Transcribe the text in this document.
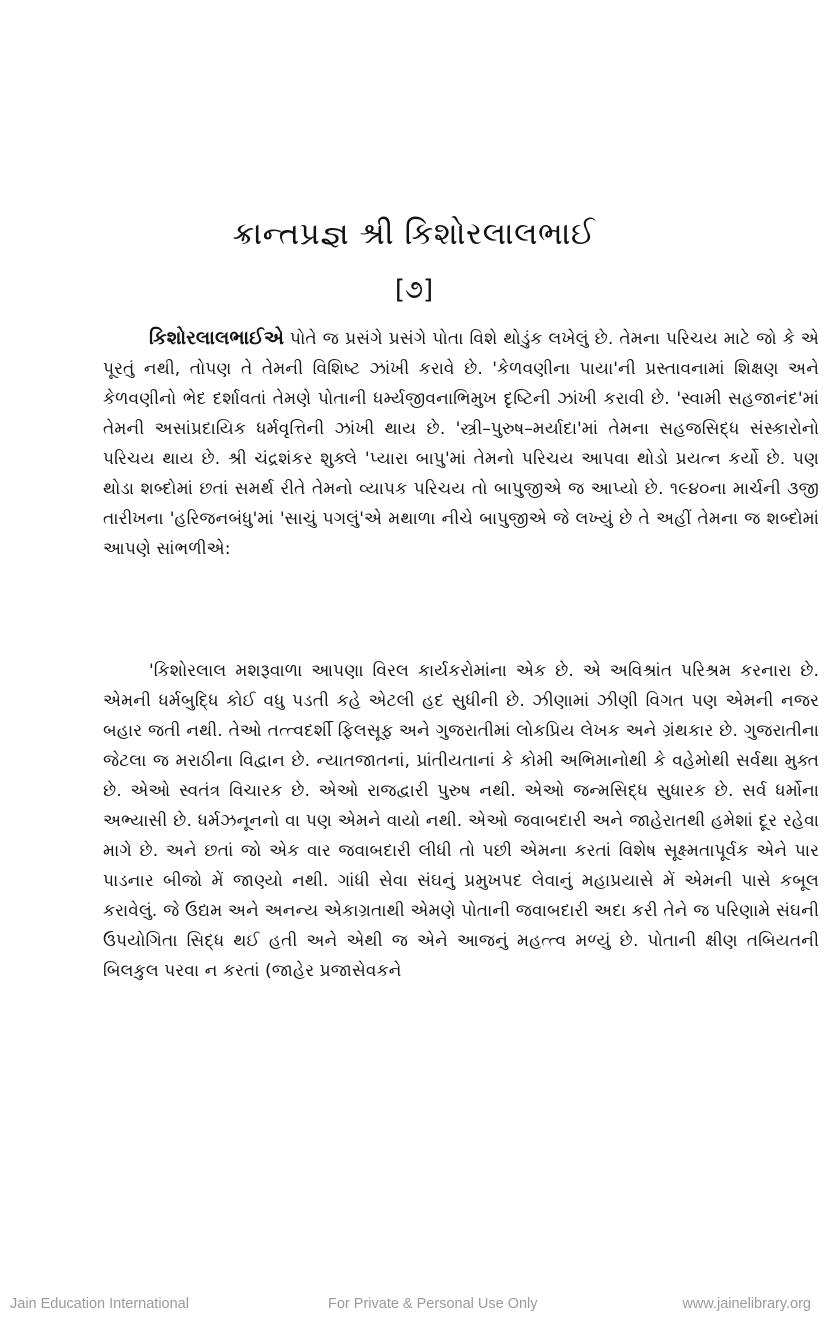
ક્રાન્તપ્રજ્ઞ શ્રી કિશોરલાલભાઈ
[૭]

કિશોરલાલભાઈએ પોતે જ પ્રસંગે પ્રસંગે પોતા વિશે થોડુંક લખેલું છે. તેમના પરિચય માટે જો કે એ પૂરતું નથી, તોપણ તે તેમની વિશિષ્ટ ઝાંખી કરાવે છે. 'કેળવણીના પાયા'ની પ્રસ્તાવનામાં શિક્ષણ અને કેળવણીનો ભેદ દર્શાવતાં તેમણે પોતાની ધર્મ્યજીવનાભિમુખ દૃષ્ટિની ઝાંખી કરાવી છે. 'સ્વામી સહજાનંદ'માં તેમની અસાંપ્રદાયિક ધર્મવૃત્તિની ઝાંખી થાય છે. 'સ્ત્રી–પુરુષ–મર્યાદા'માં તેમના સહજસિદ્ધ સંસ્કારોનો પરિચય થાય છે. શ્રી ચંદ્રશંકર શુક્લે 'પ્યારા બાપુ'માં તેમનો પરિચય આપવા થોડો પ્રયત્ન કર્યો છે. પણ થોડા શબ્દોમાં છતાં સમર્થ રીતે તેમનો વ્યાપક પરિચય તો બાપુજીએ જ આપ્યો છે. ૧૯૪૦ના માર્ચની ૩જી તારીખના 'હરિજનબંધુ'માં 'સાચું પગલું'એ મથાળા નીચે બાપુજીએ જે લખ્યું છે તે અહીં તેમના જ શબ્દોમાં આપણે સાંભળીએ:

'કિશોરલાલ મશરૂવાળા આપણા વિરલ કાર્યકરોમાંના એક છે. એ અવિશ્રાંત પરિશ્રમ કરનારા છે. એમની ધર્મબુદ્ધિ કોઈ વધુ પડતી કહે એટલી હદ સુધીની છે. ઝીણામાં ઝીણી વિગત પણ એમની નજર બહાર જતી નથી. તેઓ તત્ત્વદર્શી ફિલસૂફ અને ગુજરાતીમાં લોકપ્રિય લેખક અને ગ્રંથકાર છે. ગુજરાતીના જેટલા જ મરાઠીના વિદ્વાન છે. ન્યાતજાતનાં, પ્રાંતીયતાનાં કે કોમી અભિમાનોથી કે વહેમોથી સર્વથા મુક્ત છે. એઓ સ્વતંત્ર વિચારક છે. એઓ રાજદ્વારી પુરુષ નથી. એઓ જન્મસિદ્ધ સુધારક છે. સર્વ ધર્મોના અભ્યાસી છે. ધર્મઝનૂનનો વા પણ એમને વાયો નથી. એઓ જવાબદારી અને જાહેરાતથી હમેશાં દૂર રહેવા માગે છે. અને છતાં જો એક વાર જવાબદારી લીધી તો પછી એમના કરતાં વિશેષ સૂક્ષ્મતાપૂર્વક એને પાર પાડનાર બીજો મેં જાણ્યો નથી. ગાંધી સેવા સંઘનું પ્રમુખપદ લેવાનું મહાપ્રયાસે મેં એમની પાસે કબૂલ કરાવેલું. જે ઉદ્યમ અને અનન્ય એકાગ્રતાથી એમણે પોતાની જવાબદારી અદા કરી તેને જ પરિણામે સંઘની ઉપયોગિતા સિદ્ધ થઈ હતી અને એથી જ એને આજનું મહત્ત્વ મળ્યું છે. પોતાની ક્ષીણ તબિયતની બિલકુલ પરવા ન કરતાં (જાહેર પ્રજાસેવકને

Jain Education International	For Private & Personal Use Only	www.jainelibrary.org
